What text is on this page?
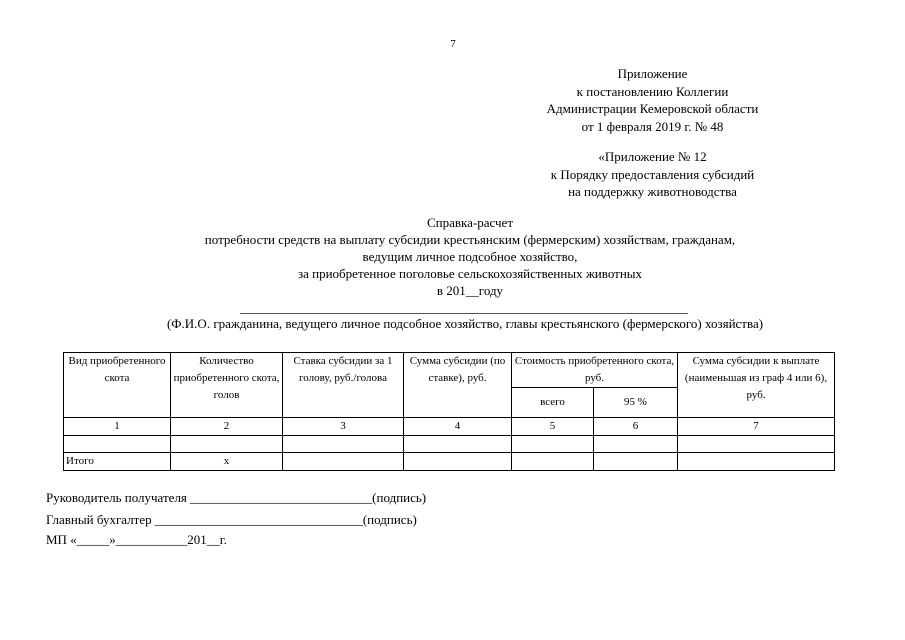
7
Приложение
к постановлению Коллегии
Администрации Кемеровской области
от 1 февраля 2019 г. № 48
«Приложение № 12
к Порядку предоставления субсидий
на поддержку животноводства
Справка-расчет
потребности средств на выплату субсидии крестьянским (фермерским) хозяйствам, гражданам,
ведущим личное подсобное хозяйство,
за приобретенное поголовье сельскохозяйственных животных
в 201__году
(Ф.И.О. гражданина, ведущего личное подсобное хозяйство, главы крестьянского (фермерского) хозяйства)
Вид приобретенного скота	Количество приобретенного скота, голов	Ставка субсидии за 1 голову, руб./голова	Сумма субсидии (по ставке), руб.	Стоимость приобретенного скота, руб.		Сумма субсидии к выплате (наименьшая из граф 4 или 6), руб.
				всего	95 %	
1	2	3	4	5	6	7

Итого	х					
Руководитель получателя ____________________________(подпись)
Главный бухгалтер ________________________________(подпись)
МП «_____»___________201__г.
